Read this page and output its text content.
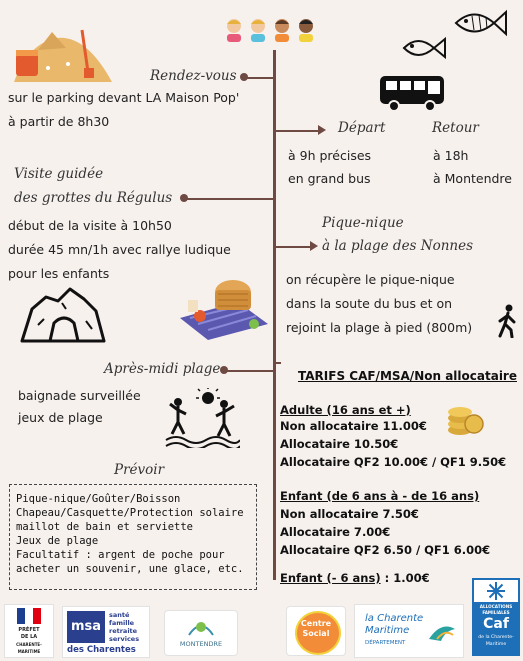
Rendez-vous
sur le parking devant LA Maison Pop'
à partir de 8h30	Départ	Retour
à 9h précises
en grand bus
à 18h
à Montendre
Visite guidée
des grottes du Régulus
début de la visite à 10h50
durée 45 mn/1h avec rallye ludique
pour les enfants
Pique-nique
à la plage des Nonnes
on récupère le pique-nique
dans la soute du bus et on
rejoint la plage à pied (800m)
Après-midi plage
baignade surveillée
jeux de plage
Prévoir
Pique-nique/Goûter/Boisson
Chapeau/Casquette/Protection solaire
maillot de bain et serviette
Jeux de plage
Facultatif : argent de poche pour
acheter un souvenir, une glace, etc.
TARIFS CAF/MSA/Non allocataire
Adulte (16 ans et +)
Non allocataire 11.00€
Allocataire 10.50€
Allocataire QF2 10.00€ / QF1 9.50€
Enfant (de 6 ans à - de 16 ans)
Non allocataire 7.50€
Allocataire 7.00€
Allocataire QF2 6.50 / QF1 6.00€
Enfant (- 6 ans) : 1.00€
PRÉFET
DE LA
CHARENTE-MARITIME
msa
santé
famille
retraite
services
des Charentes
MONTENDRE
Centre
Social
la Charente
Maritime
DÉPARTEMENT
ALLOCATIONS FAMILIALES
Caf
de la Charente-Maritime
